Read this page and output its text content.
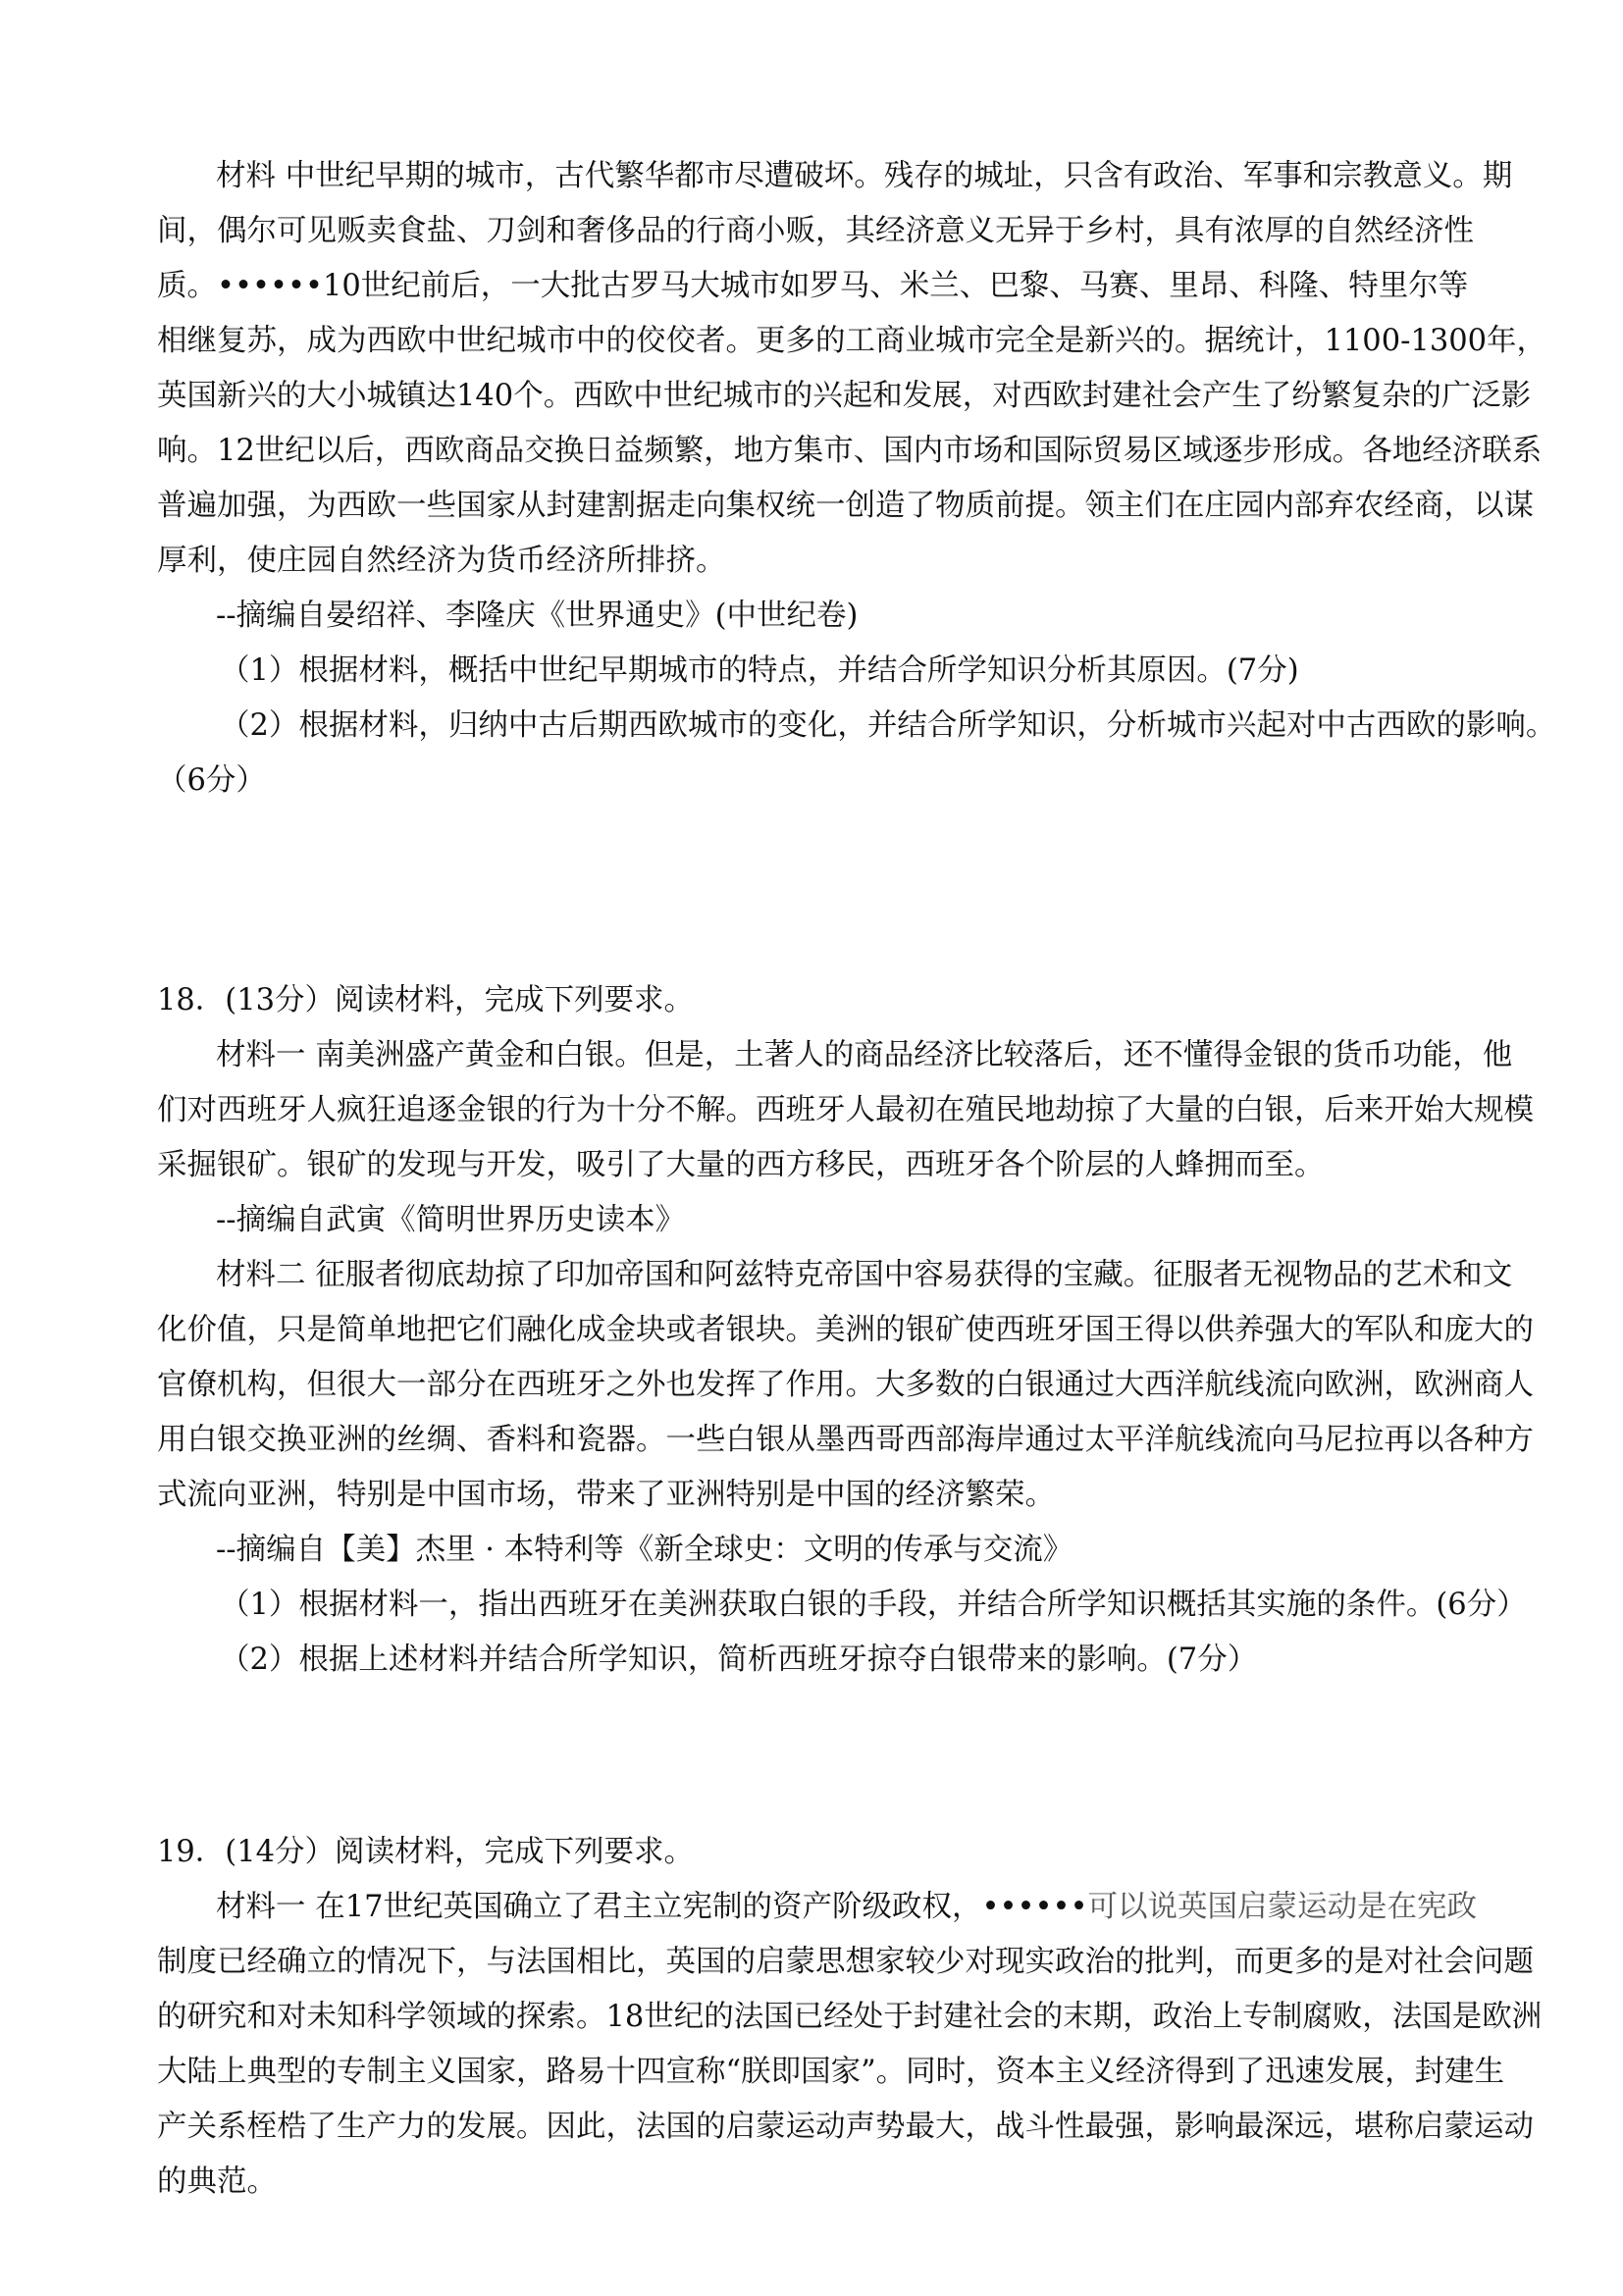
材料 中世纪早期的城市，古代繁华都市尽遭破坏。残存的城址，只含有政治、军事和宗教意义。期
间，偶尔可见贩卖食盐、刀剑和奢侈品的行商小贩，其经济意义无异于乡村，具有浓厚的自然经济性
质。••••••10世纪前后，一大批古罗马大城市如罗马、米兰、巴黎、马赛、里昂、科隆、特里尔等
相继复苏，成为西欧中世纪城市中的佼佼者。更多的工商业城市完全是新兴的。据统计，1100-1300年，
英国新兴的大小城镇达140个。西欧中世纪城市的兴起和发展，对西欧封建社会产生了纷繁复杂的广泛影
响。12世纪以后，西欧商品交换日益频繁，地方集市、国内市场和国际贸易区域逐步形成。各地经济联系
普遍加强，为西欧一些国家从封建割据走向集权统一创造了物质前提。领主们在庄园内部弃农经商，以谋
厚利，使庄园自然经济为货币经济所排挤。
--摘编自晏绍祥、李隆庆《世界通史》(中世纪卷)
（1）根据材料，概括中世纪早期城市的特点，并结合所学知识分析其原因。(7分)
（2）根据材料，归纳中古后期西欧城市的变化，并结合所学知识，分析城市兴起对中古西欧的影响。
（6分）
18．(13分）阅读材料，完成下列要求。
材料一 南美洲盛产黄金和白银。但是，土著人的商品经济比较落后，还不懂得金银的货币功能，他
们对西班牙人疯狂追逐金银的行为十分不解。西班牙人最初在殖民地劫掠了大量的白银，后来开始大规模
采掘银矿。银矿的发现与开发，吸引了大量的西方移民，西班牙各个阶层的人蜂拥而至。
--摘编自武寅《简明世界历史读本》
材料二 征服者彻底劫掠了印加帝国和阿兹特克帝国中容易获得的宝藏。征服者无视物品的艺术和文
化价值，只是简单地把它们融化成金块或者银块。美洲的银矿使西班牙国王得以供养强大的军队和庞大的
官僚机构，但很大一部分在西班牙之外也发挥了作用。大多数的白银通过大西洋航线流向欧洲，欧洲商人
用白银交换亚洲的丝绸、香料和瓷器。一些白银从墨西哥西部海岸通过太平洋航线流向马尼拉再以各种方
式流向亚洲，特别是中国市场，带来了亚洲特别是中国的经济繁荣。
--摘编自【美】杰里 · 本特利等《新全球史：文明的传承与交流》
（1）根据材料一，指出西班牙在美洲获取白银的手段，并结合所学知识概括其实施的条件。(6分）
（2）根据上述材料并结合所学知识，简析西班牙掠夺白银带来的影响。(7分）
19．(14分）阅读材料，完成下列要求。
材料一 在17世纪英国确立了君主立宪制的资产阶级政权，••••••可以说英国启蒙运动是在宪政
制度已经确立的情况下，与法国相比，英国的启蒙思想家较少对现实政治的批判，而更多的是对社会问题
的研究和对未知科学领域的探索。18世纪的法国已经处于封建社会的末期，政治上专制腐败，法国是欧洲
大陆上典型的专制主义国家，路易十四宣称“朕即国家”。同时，资本主义经济得到了迅速发展，封建生
产关系桎梏了生产力的发展。因此，法国的启蒙运动声势最大，战斗性最强，影响最深远，堪称启蒙运动
的典范。
